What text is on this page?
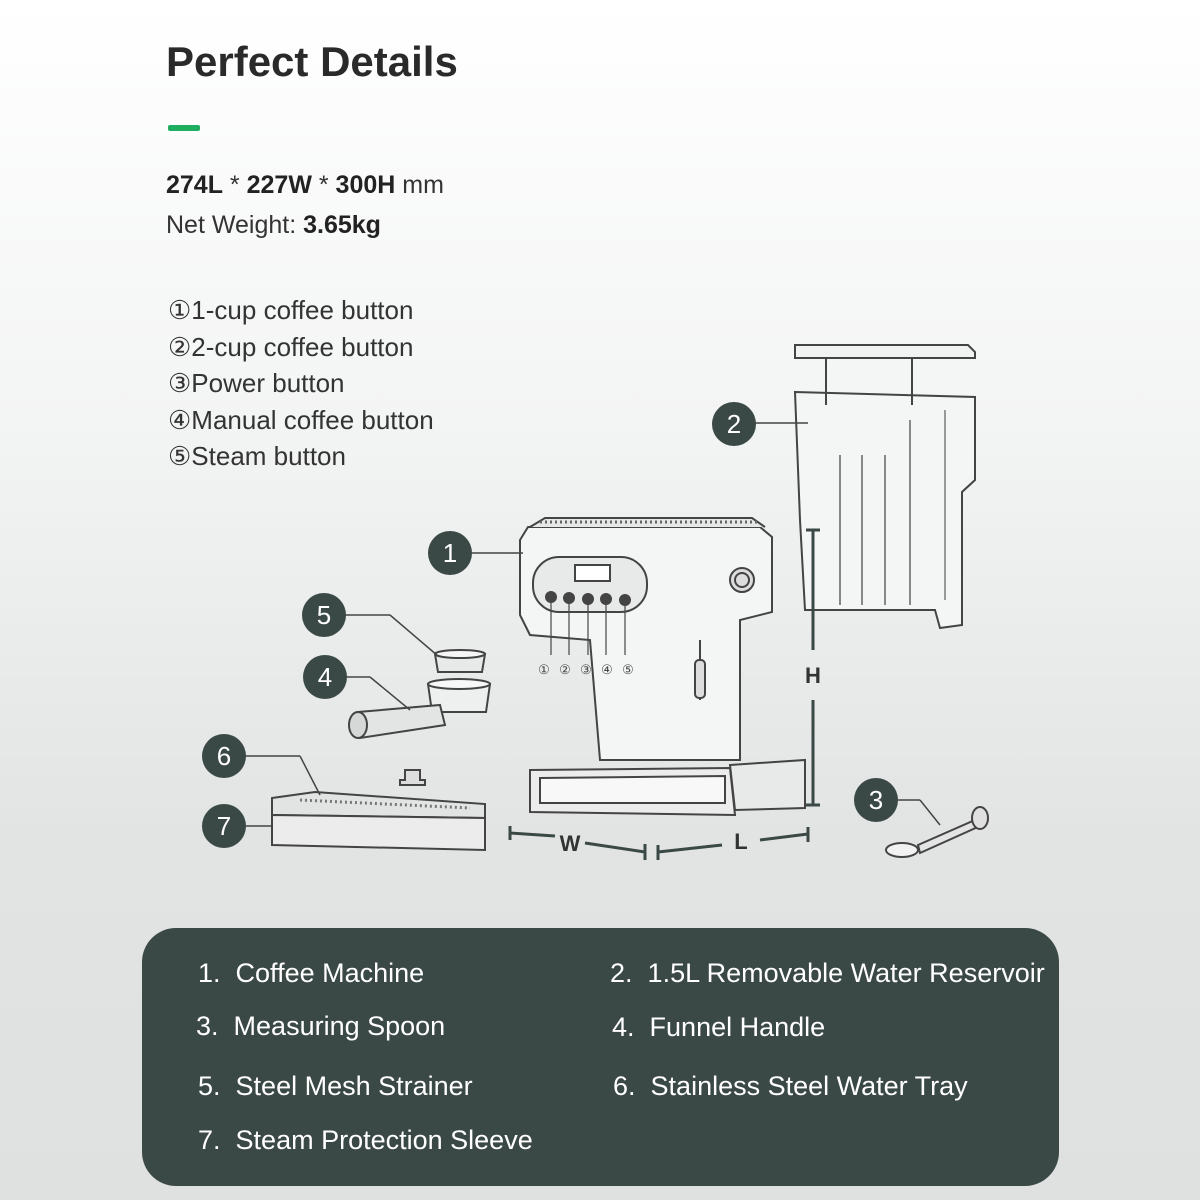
Perfect Details
274L * 227W * 300H mm
Net Weight: 3.65kg
①1-cup coffee button
②2-cup coffee button
③Power button
④Manual coffee button
⑤Steam button
2
1
5
4
6
7
3
① ② ③ ④ ⑤
W	L
H
1. Coffee Machine	2. 1.5L Removable Water Reservoir
3. Measuring Spoon	4. Funnel Handle
5. Steel Mesh Strainer	6. Stainless Steel Water Tray
7. Steam Protection Sleeve
